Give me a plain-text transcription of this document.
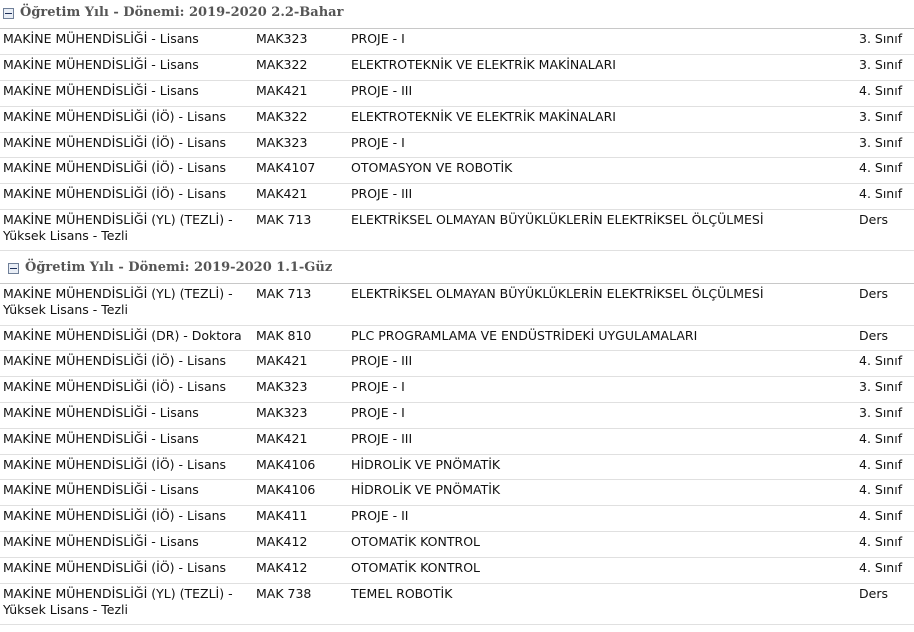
Öğretim Yılı - Dönemi: 2019-2020 2.2-Bahar
MAKİNE MÜHENDİSLİĞİ - Lisans	MAK323	PROJE - I	3. Sınıf
MAKİNE MÜHENDİSLİĞİ - Lisans	MAK322	ELEKTROTEKNİK VE ELEKTRİK MAKİNALARI	3. Sınıf
MAKİNE MÜHENDİSLİĞİ - Lisans	MAK421	PROJE - III	4. Sınıf
MAKİNE MÜHENDİSLİĞİ (İÖ) - Lisans	MAK322	ELEKTROTEKNİK VE ELEKTRİK MAKİNALARI	3. Sınıf
MAKİNE MÜHENDİSLİĞİ (İÖ) - Lisans	MAK323	PROJE - I	3. Sınıf
MAKİNE MÜHENDİSLİĞİ (İÖ) - Lisans	MAK4107	OTOMASYON VE ROBOTİK	4. Sınıf
MAKİNE MÜHENDİSLİĞİ (İÖ) - Lisans	MAK421	PROJE - III	4. Sınıf
MAKİNE MÜHENDİSLİĞİ (YL) (TEZLİ) - Yüksek Lisans - Tezli	MAK 713	ELEKTRİKSEL OLMAYAN BÜYÜKLÜKLERİN ELEKTRİKSEL ÖLÇÜLMESİ	Ders
Öğretim Yılı - Dönemi: 2019-2020 1.1-Güz
MAKİNE MÜHENDİSLİĞİ (YL) (TEZLİ) - Yüksek Lisans - Tezli	MAK 713	ELEKTRİKSEL OLMAYAN BÜYÜKLÜKLERİN ELEKTRİKSEL ÖLÇÜLMESİ	Ders
MAKİNE MÜHENDİSLİĞİ (DR) - Doktora	MAK 810	PLC PROGRAMLAMA VE ENDÜSTRİDEKİ UYGULAMALARI	Ders
MAKİNE MÜHENDİSLİĞİ (İÖ) - Lisans	MAK421	PROJE - III	4. Sınıf
MAKİNE MÜHENDİSLİĞİ (İÖ) - Lisans	MAK323	PROJE - I	3. Sınıf
MAKİNE MÜHENDİSLİĞİ - Lisans	MAK323	PROJE - I	3. Sınıf
MAKİNE MÜHENDİSLİĞİ - Lisans	MAK421	PROJE - III	4. Sınıf
MAKİNE MÜHENDİSLİĞİ (İÖ) - Lisans	MAK4106	HİDROLİK VE PNÖMATİK	4. Sınıf
MAKİNE MÜHENDİSLİĞİ - Lisans	MAK4106	HİDROLİK VE PNÖMATİK	4. Sınıf
MAKİNE MÜHENDİSLİĞİ (İÖ) - Lisans	MAK411	PROJE - II	4. Sınıf
MAKİNE MÜHENDİSLİĞİ - Lisans	MAK412	OTOMATİK KONTROL	4. Sınıf
MAKİNE MÜHENDİSLİĞİ (İÖ) - Lisans	MAK412	OTOMATİK KONTROL	4. Sınıf
MAKİNE MÜHENDİSLİĞİ (YL) (TEZLİ) - Yüksek Lisans - Tezli	MAK 738	TEMEL ROBOTİK	Ders
